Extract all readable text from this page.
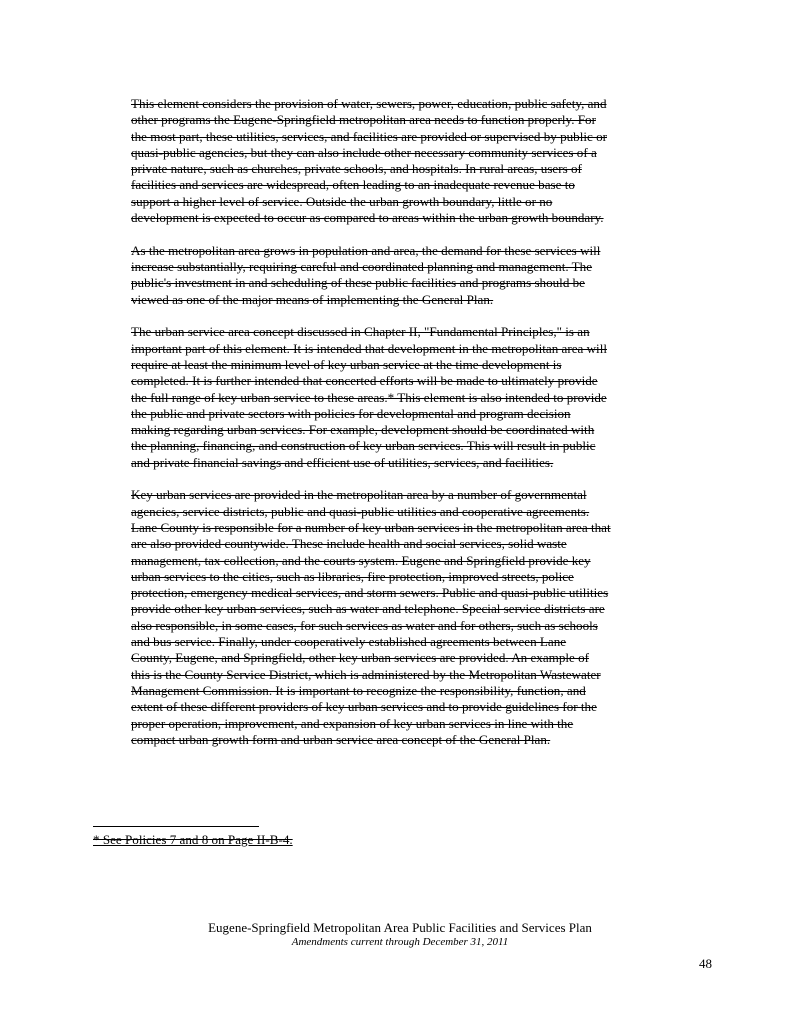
This element considers the provision of water, sewers, power, education, public safety, and
other programs the Eugene-Springfield metropolitan area needs to function properly. For
the most part, these utilities, services, and facilities are provided or supervised by public or
quasi-public agencies, but they can also include other necessary community services of a
private nature, such as churches, private schools, and hospitals. In rural areas, users of
facilities and services are widespread, often leading to an inadequate revenue base to
support a higher level of service. Outside the urban growth boundary, little or no
development is expected to occur as compared to areas within the urban growth boundary.

As the metropolitan area grows in population and area, the demand for these services will
increase substantially, requiring careful and coordinated planning and management. The
public's investment in and scheduling of these public facilities and programs should be
viewed as one of the major means of implementing the General Plan.

The urban service area concept discussed in Chapter II, "Fundamental Principles," is an
important part of this element. It is intended that development in the metropolitan area will
require at least the minimum level of key urban service at the time development is
completed. It is further intended that concerted efforts will be made to ultimately provide
the full range of key urban service to these areas.* This element is also intended to provide
the public and private sectors with policies for developmental and program decision
making regarding urban services. For example, development should be coordinated with
the planning, financing, and construction of key urban services. This will result in public
and private financial savings and efficient use of utilities, services, and facilities.

Key urban services are provided in the metropolitan area by a number of governmental
agencies, service districts, public and quasi-public utilities and cooperative agreements.
Lane County is responsible for a number of key urban services in the metropolitan area that
are also provided countywide. These include health and social services, solid waste
management, tax collection, and the courts system. Eugene and Springfield provide key
urban services to the cities, such as libraries, fire protection, improved streets, police
protection, emergency medical services, and storm sewers. Public and quasi-public utilities
provide other key urban services, such as water and telephone. Special service districts are
also responsible, in some cases, for such services as water and for others, such as schools
and bus service. Finally, under cooperatively established agreements between Lane
County, Eugene, and Springfield, other key urban services are provided. An example of
this is the County Service District, which is administered by the Metropolitan Wastewater
Management Commission. It is important to recognize the responsibility, function, and
extent of these different providers of key urban services and to provide guidelines for the
proper operation, improvement, and expansion of key urban services in line with the
compact urban growth form and urban service area concept of the General Plan.

* See Policies 7 and 8 on Page II-B-4.
Eugene-Springfield Metropolitan Area Public Facilities and Services Plan
Amendments current through December 31, 2011
48
